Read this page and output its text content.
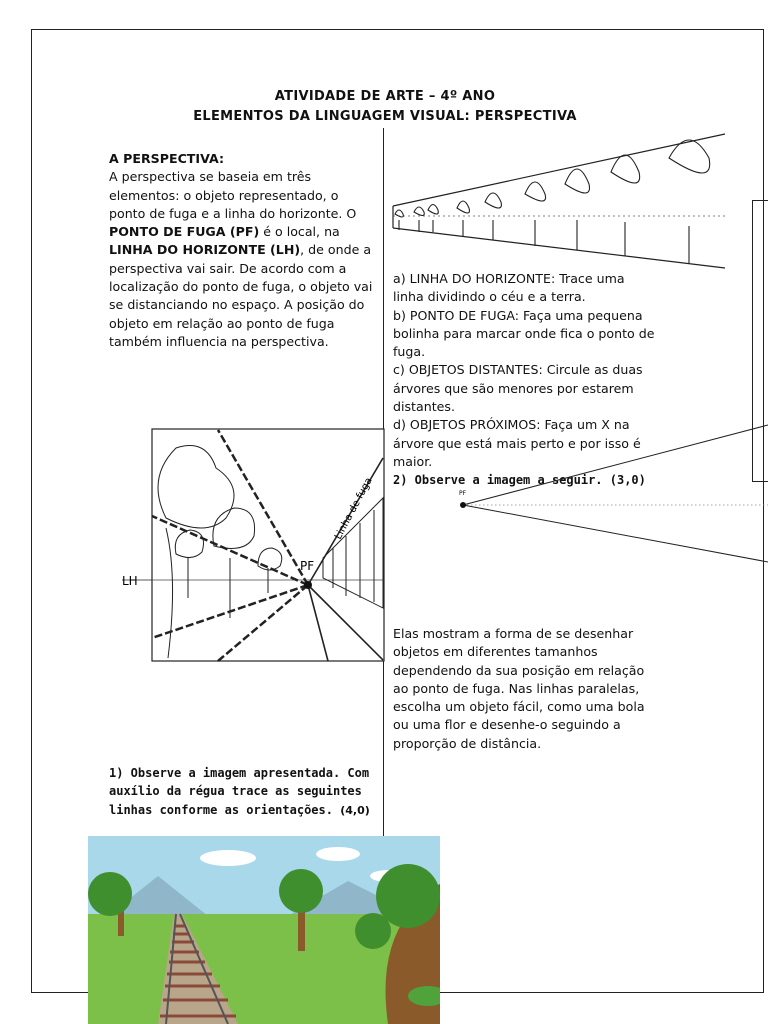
ATIVIDADE DE ARTE – 4º ANO
ELEMENTOS DA LINGUAGEM VISUAL: PERSPECTIVA
A PERSPECTIVA:
A perspectiva se baseia em três elementos: o objeto representado, o ponto de fuga e a linha do horizonte. O PONTO DE FUGA (PF) é o local, na LINHA DO HORIZONTE (LH), de onde a perspectiva vai sair. De acordo com a localização do ponto de fuga, o objeto vai se distanciando no espaço. A posição do objeto em relação ao ponto de fuga também influencia na perspectiva.

a) LINHA DO HORIZONTE: Trace uma linha dividindo o céu e a terra.

b) PONTO DE FUGA: Faça uma pequena bolinha para marcar onde fica o ponto de fuga.

c) OBJETOS DISTANTES: Circule as duas árvores que são menores por estarem distantes.

d) OBJETOS PRÓXIMOS: Faça um X na árvore que está mais perto e por isso é maior.

2) Observe a imagem a seguir. (3,0)

PF
LH
PF
Linha de fuga
Elas mostram a forma de se desenhar objetos em diferentes tamanhos dependendo da sua posição em relação ao ponto de fuga. Nas linhas paralelas, escolha um objeto fácil, como uma bola ou uma flor e desenhe-o seguindo a proporção de distância.
1) Observe a imagem apresentada. Com auxílio da régua trace as seguintes linhas conforme as orientações. (4,0)
